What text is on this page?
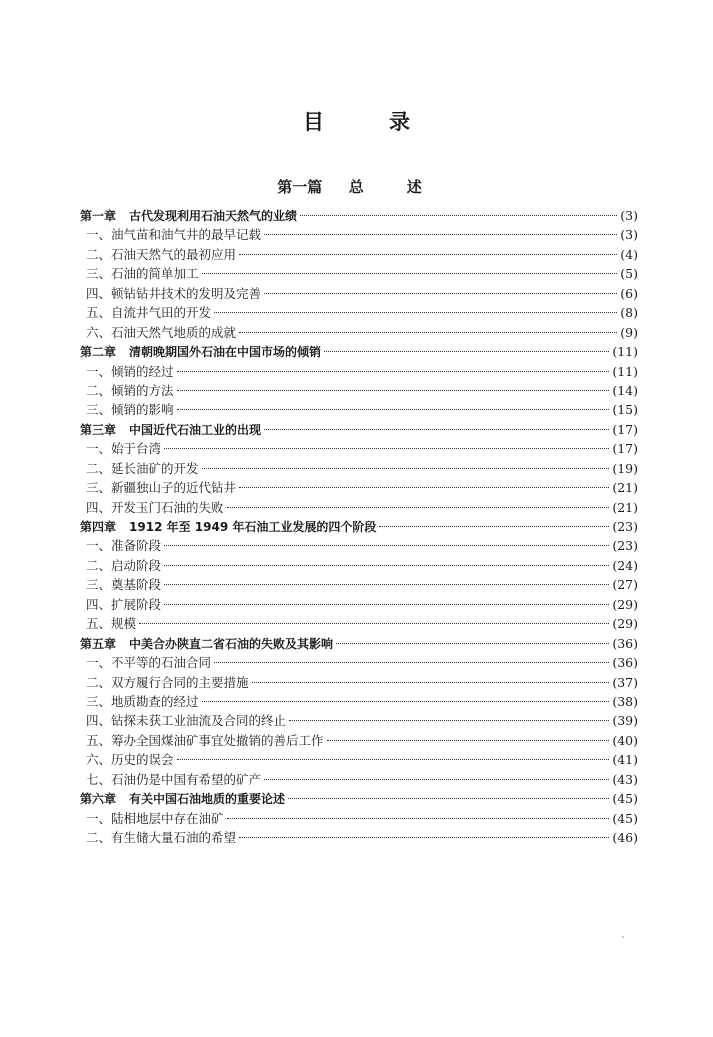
目　录
第一篇 总　述
第一章 古代发现利用石油天然气的业绩	(3)
一、油气苗和油气井的最早记载	(3)
二、石油天然气的最初应用	(4)
三、石油的简单加工	(5)
四、顿钻钻井技术的发明及完善	(6)
五、自流井气田的开发	(8)
六、石油天然气地质的成就	(9)
第二章 清朝晚期国外石油在中国市场的倾销	(11)
一、倾销的经过	(11)
二、倾销的方法	(14)
三、倾销的影响	(15)
第三章 中国近代石油工业的出现	(17)
一、始于台湾	(17)
二、延长油矿的开发	(19)
三、新疆独山子的近代钻井	(21)
四、开发玉门石油的失败	(21)
第四章 1912 年至 1949 年石油工业发展的四个阶段	(23)
一、准备阶段	(23)
二、启动阶段	(24)
三、奠基阶段	(27)
四、扩展阶段	(29)
五、规模	(29)
第五章 中美合办陕直二省石油的失败及其影响	(36)
一、不平等的石油合同	(36)
二、双方履行合同的主要措施	(37)
三、地质勘查的经过	(38)
四、钻探未获工业油流及合同的终止	(39)
五、筹办全国煤油矿事宜处撤销的善后工作	(40)
六、历史的误会	(41)
七、石油仍是中国有希望的矿产	(43)
第六章 有关中国石油地质的重要论述	(45)
一、陆相地层中存在油矿	(45)
二、有生储大量石油的希望	(46)
